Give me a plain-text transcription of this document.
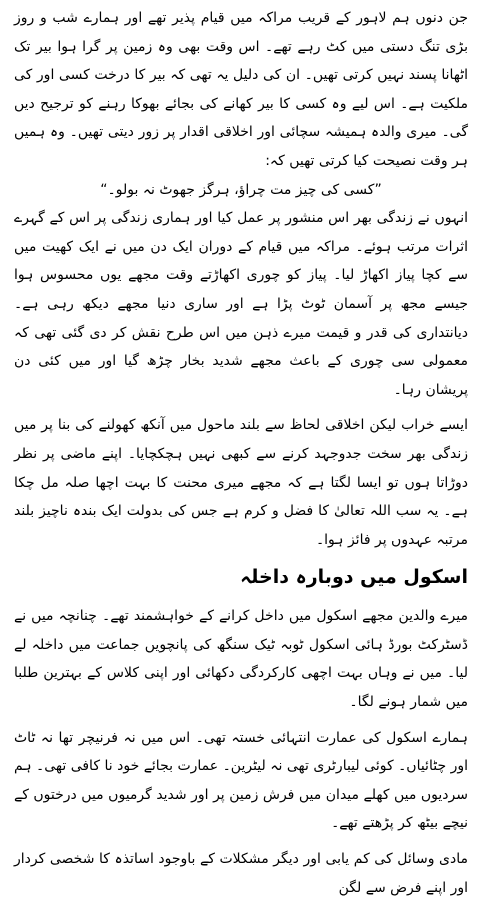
جن دنوں ہم لاہور کے قریب مراکہ میں قیام پذیر تھے اور ہمارے شب و روز بڑی تنگ دستی میں کٹ رہے تھے۔ اس وقت بھی وہ زمین پر گرا ہوا بیر تک اٹھانا پسند نہیں کرتی تھیں۔ ان کی دلیل یہ تھی کہ بیر کا درخت کسی اور کی ملکیت ہے۔ اس لیے وہ کسی کا بیر کھانے کی بجائے بھوکا رہنے کو ترجیح دیں گی۔ میری والدہ ہمیشہ سچائی اور اخلاقی اقدار پر زور دیتی تھیں۔ وہ ہمیں ہر وقت نصیحت کیا کرتی تھیں کہ:

”کسی کی چیز مت چراؤ، ہرگز جھوٹ نہ بولو۔“

انہوں نے زندگی بھر اس منشور پر عمل کیا اور ہماری زندگی پر اس کے گہرے اثرات مرتب ہوئے۔ مراکہ میں قیام کے دوران ایک دن میں نے ایک کھیت میں سے کچا پیاز اکھاڑ لیا۔ پیاز کو چوری اکھاڑتے وقت مجھے یوں محسوس ہوا جیسے مجھ پر آسمان ٹوٹ پڑا ہے اور ساری دنیا مجھے دیکھ رہی ہے۔ دیانتداری کی قدر و قیمت میرے ذہن میں اس طرح نقش کر دی گئی تھی کہ معمولی سی چوری کے باعث مجھے شدید بخار چڑھ گیا اور میں کئی دن پریشان رہا۔

ایسے خراب لیکن اخلاقی لحاظ سے بلند ماحول میں آنکھ کھولنے کی بنا پر میں زندگی بھر سخت جدوجہد کرنے سے کبھی نہیں ہچکچایا۔ اپنے ماضی پر نظر دوڑاتا ہوں تو ایسا لگتا ہے کہ مجھے میری محنت کا بہت اچھا صلہ مل چکا ہے۔ یہ سب اللہ تعالیٰ کا فضل و کرم ہے جس کی بدولت ایک بندہ ناچیز بلند مرتبہ عہدوں پر فائز ہوا۔

اسکول میں دوبارہ داخلہ

میرے والدین مجھے اسکول میں داخل کرانے کے خواہشمند تھے۔ چنانچہ میں نے ڈسٹرکٹ بورڈ ہائی اسکول ٹوبہ ٹیک سنگھ کی پانچویں جماعت میں داخلہ لے لیا۔ میں نے وہاں بہت اچھی کارکردگی دکھائی اور اپنی کلاس کے بہترین طلبا میں شمار ہونے لگا۔

ہمارے اسکول کی عمارت انتہائی خستہ تھی۔ اس میں نہ فرنیچر تھا نہ ٹاٹ اور چٹائیاں۔ کوئی لیبارٹری تھی نہ لیٹرین۔ عمارت بجائے خود نا کافی تھی۔ ہم سردیوں میں کھلے میدان میں فرش زمین پر اور شدید گرمیوں میں درختوں کے نیچے بیٹھ کر پڑھتے تھے۔

مادی وسائل کی کم یابی اور دیگر مشکلات کے باوجود اساتذہ کا شخصی کردار اور اپنے فرض سے لگن
